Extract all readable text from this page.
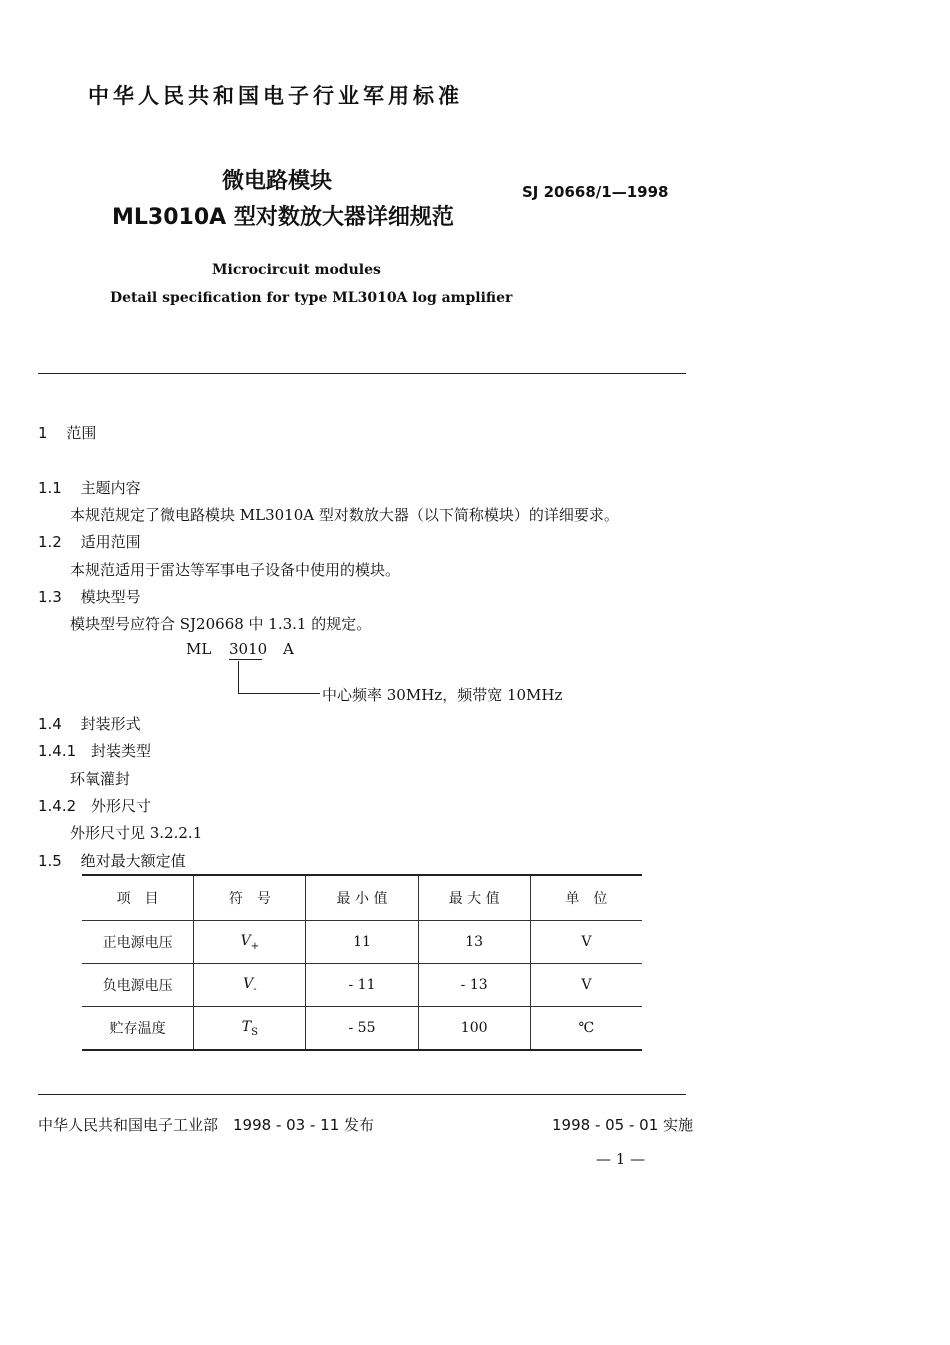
中华人民共和国电子行业军用标准
微电路模块
ML3010A 型对数放大器详细规范
SJ 20668/1—1998
Microcircuit modules
Detail specification for type ML3010A log amplifier
1 范围
1.1 主题内容
本规范规定了微电路模块 ML3010A 型对数放大器（以下简称模块）的详细要求。
1.2 适用范围
本规范适用于雷达等军事电子设备中使用的模块。
1.3 模块型号
模块型号应符合 SJ20668 中 1.3.1 的规定。
ML 3010 A
中心频率 30MHz，频带宽 10MHz
1.4 封装形式
1.4.1 封装类型
环氧灌封
1.4.2 外形尺寸
外形尺寸见 3.2.2.1
1.5 绝对最大额定值
项　目	符　号	最 小 值	最 大 值	单　位
正电源电压	$V_+$	11	13	V
负电源电压	$V_-$	- 11	- 13	V
贮存温度	$T_S$	- 55	100	℃
中华人民共和国电子工业部　1998 - 03 - 11 发布	1998 - 05 - 01 实施
— 1 —
